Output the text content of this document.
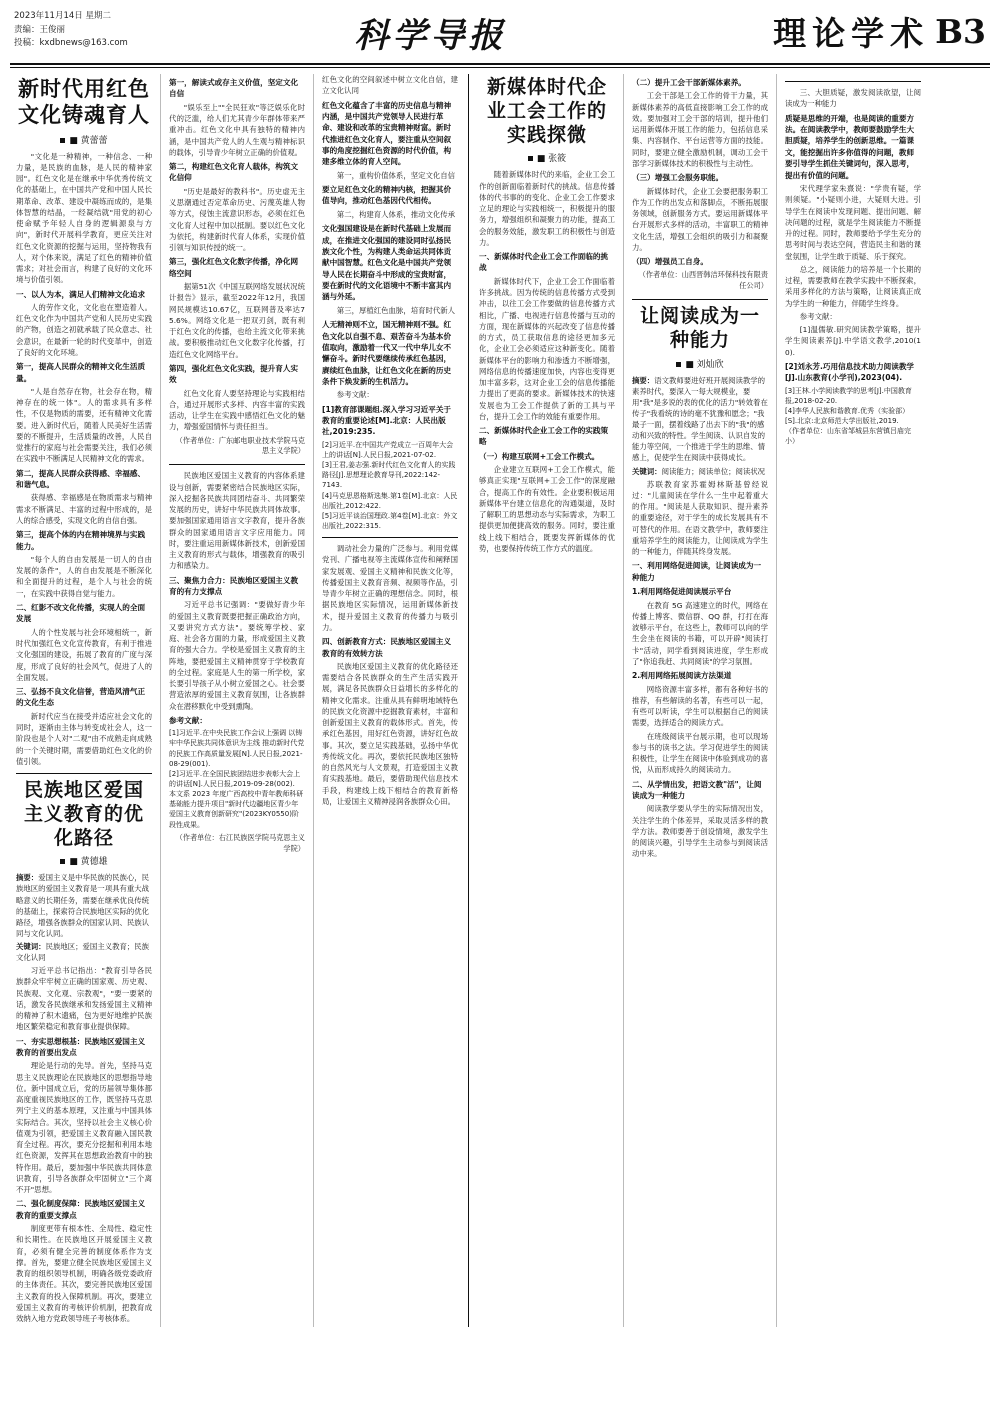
2023年11月14日 星期二
责编：王俊丽
投稿：kxdbnews@163.com	科学导报	理论学术 B3
新时代用红色文化铸魂育人
■ 黄蕾蕾

"文化是一种精神，一种信念、一种力量，是民族的血脉，是人民的精神家园"。红色文化是在继承中华优秀传统文化的基础上，在中国共产党和中国人民长期革命、改革、建设中凝练而成的，是集体智慧的结晶，一经凝结就"用党的初心使命赋予年轻人自身的逻辑源泉与方向"，新时代开展科学教育，更应关注对红色文化资源的挖掘与运用，坚持物我有人，对个体来说，满足了红色的精神价值需求；对社会而言，构建了良好的文化环境与价值引领。

一、以人为本，满足人们精神文化追求

人的劳作文化，文化也在塑造着人。红色文化作为中国共产党和人民历史实践的产物，创造之初就承载了民众意志、社会意识，在最新一轮的时代变革中，创造了良好的文化环境。

第一，提高人民群众的精神文化生活质量。

"人是自然存在物，社会存在物，精神存在的统一体"。人的需求具有多样性，不仅是物质的需要，还有精神文化需要。进入新时代后，随着人民美好生活需要的不断提升，生活质量的改善，人民自觉推行的家庭与社会需要关注，我们必须在实践中不断满足人民精神文化的需求。

第二，提高人民群众获得感、幸福感、和谐气息。

获得感、幸福感是在物质需求与精神需求不断满足、丰富的过程中形成的，是人的综合感受，实现文化的自信自强。

第三，提高个体的内在精神境界与实践能力。

"每个人的自由发展是一切人的自由发展的条件"，人的自由发展是不断深化和全面提升的过程，是个人与社会的统一，在实践中获得自觉与能力。

二、红影不改文化传播，实现人的全面发展

人的个性发展与社会环境相统一，新时代加强红色文化宣传教育，有利于推进文化强国的建设，拓展了教育的广度与深度，形成了良好的社会风气，促进了人的全面发展。

三、弘扬不良文化信誉，营造风清气正的文化生态

新时代应当在接受并适应社会文化的同时，逐渐由主体与转变成社会人，这一阶段也是个人对"二观"由不成熟走向成熟的一个关键时期，需要借助红色文化的价值引领。

民族地区爱国主义教育的优化路径
■ 黄德雄

摘要：爱国主义是中华民族的民族心，民族地区的爱国主义教育是一项具有重大战略意义的长期任务，需要在继承优良传统的基础上，探索符合民族地区实际的优化路径，增强各族群众的国家认同、民族认同与文化认同。

关键词：民族地区；爱国主义教育；民族文化认同

习近平总书记指出："教育引导各民族群众牢牢树立正确的国家观、历史观、民族观、文化观、宗教观"，"要一要紧的话，激发各民族继承和发扬爱国主义精神的精神了积木遗痛，包为更好地维护民族地区繁荣稳定和教育事业提供保障。

一、夯实思想根基：民族地区爱国主义教育的首要出发点

理论是行动的先导。首先，坚持马克思主义民族理论在民族地区的思想指导地位。新中国成立后，党的历届领导集体都高度重视民族地区的工作，既坚持马克思列宁主义的基本原理，又注重与中国具体实际结合。其次，坚持以社会主义核心价值观为引领，把爱国主义教育融入国民教育全过程。再次，要充分挖掘和利用本地红色资源，发挥其在思想政治教育中的独特作用。最后，要加强中华民族共同体意识教育，引导各族群众牢固树立"三个离不开"思想。

二、强化制度保障：民族地区爱国主义教育的重要支撑点

制度更带有根本性、全局性、稳定性和长期性。在民族地区开展爱国主义教育，必须有健全完善的制度体系作为支撑。首先，要建立健全民族地区爱国主义教育的组织领导机制，明确各级党委政府的主体责任。其次，要完善民族地区爱国主义教育的投入保障机制。再次，要建立爱国主义教育的考核评价机制，把教育成效纳入地方党政领导班子考核体系。

第一，解读式或存主义价值，坚定文化自信

"娱乐至上""全民狂欢"等泛娱乐化时代的泛滥，给人们尤其青少年群体带来严重冲击。红色文化中具有独特的精神内涵，是中国共产党人的人生观与精神标识的载体，引导青少年树立正确的价值观。

第二，构建红色文化育人载体，构筑文化信仰

"历史是最好的教科书"。历史虚无主义思潮通过否定革命历史、污蔑英雄人物等方式，侵蚀主流意识形态，必须在红色文化育人过程中加以抵制。要以红色文化为依托，构建新时代育人体系，实现价值引领与知识传授的统一。

第三，强化红色文化数字传播，净化网络空间

据第51次《中国互联网络发展状况统计报告》显示，截至2022年12月，我国网民规模达10.67亿，互联网普及率达75.6%。网络文化是一把双刃剑，既有利于红色文化的传播，也给主流文化带来挑战。要积极推动红色文化数字化传播，打造红色文化网络平台。

第四，强化红色文化实践，提升育人实效

红色文化育人要坚持理论与实践相结合，通过开展形式多样、内容丰富的实践活动，让学生在实践中感悟红色文化的魅力，增强爱国情怀与责任担当。

（作者单位：广东邮电职业技术学院马克思主义学院）

民族地区爱国主义教育的内容体系建设与创新，需要紧密结合民族地区实际，深入挖掘各民族共同团结奋斗、共同繁荣发展的历史，讲好中华民族共同体故事。要加强国家通用语言文字教育，提升各族群众的国家通用语言文字应用能力。同时，要注重运用新媒体新技术，创新爱国主义教育的形式与载体，增强教育的吸引力和感染力。

三、聚焦力合力：民族地区爱国主义教育的有力支撑点

习近平总书记强调："要做好青少年的爱国主义教育既要把握正确政治方向，又要讲究方式方法"。要统筹学校、家庭、社会各方面的力量，形成爱国主义教育的强大合力。学校是爱国主义教育的主阵地，要把爱国主义精神贯穿于学校教育的全过程。家庭是人生的第一所学校，家长要引导孩子从小树立爱国之心。社会要营造浓厚的爱国主义教育氛围，让各族群众在潜移默化中受到熏陶。

参考文献：

[1]习近平.在中央民族工作会议上强调 以铸牢中华民族共同体意识为主线 推动新时代党的民族工作高质量发展[N].人民日报,2021-08-29(001).

[2]习近平.在全国民族团结进步表彰大会上的讲话[N].人民日报,2019-09-28(002).

本文系 2023 年度广西高校中青年教师科研基础能力提升项目"新时代边疆地区青少年爱国主义教育创新研究"(2023KY0550)阶段性成果。

（作者单位：右江民族医学院马克思主义学院）

红色文化的空间叙述中树立文化自信，建立文化认同

红色文化蕴含了丰富的历史信息与精神内涵，是中国共产党领导人民进行革命、建设和改革的宝贵精神财富。新时代推进红色文化育人，要注重从空间叙事的角度挖掘红色资源的时代价值，构建多维立体的育人空间。

第一，重构价值体系，坚定文化自信

要立足红色文化的精神内核，把握其价值导向，推动红色基因代代相传。

第二，构建育人体系，推动文化传承

文化强国建设是在新时代基础上发展而成，在推进文化强国的建设同时弘扬民族文化个性，为构建人类命运共同体贡献中国智慧。红色文化是中国共产党领导人民在长期奋斗中形成的宝贵财富，要在新时代的文化语境中不断丰富其内涵与外延。

第三，厚植红色血脉，培育时代新人

人无精神则不立，国无精神则不强。红色文化以自强不息、艰苦奋斗为基本价值取向，激励着一代又一代中华儿女不懈奋斗。新时代要继续传承红色基因，赓续红色血脉，让红色文化在新的历史条件下焕发新的生机活力。

参考文献：

[1]教育部课题组.深入学习习近平关于教育的重要论述[M].北京：人民出版社,2019:235.

[2]习近平.在中国共产党成立一百周年大会上的讲话[N].人民日报,2021-07-02.

[3]王君,姜志强.新时代红色文化育人的实践路径[J].思想理论教育导刊,2022:142-7143.

[4]马克思恩格斯选集.第1卷[M].北京：人民出版社,2012:422.

[5]习近平谈治国理政.第4卷[M].北京：外文出版社,2022:315.

调动社会力量的广泛参与。利用党媒党刊、广播电视等主流媒体宣传和阐释国家发展观、爱国主义精神和民族文化等，传播爱国主义教育音频、视频等作品，引导青少年树立正确的理想信念。同时，根据民族地区实际情况，运用新媒体新技术，提升爱国主义教育的传播力与吸引力。

四、创新教育方式：民族地区爱国主义教育的有效转方法

民族地区爱国主义教育的优化路径还需要结合各民族群众的生产生活实践开展，满足各民族群众日益增长的多样化的精神文化需求。注重从具有鲜明地域特色的民族文化资源中挖掘教育素材，丰富和创新爱国主义教育的载体形式。首先，传承红色基因，用好红色资源，讲好红色故事。其次，要立足实践基础，弘扬中华优秀传统文化。再次，要依托民族地区独特的自然风光与人文景观，打造爱国主义教育实践基地。最后，要借助现代信息技术手段，构建线上线下相结合的教育新格局，让爱国主义精神浸润各族群众心田。

新媒体时代企业工会工作的实践探微
■ 张筱

随着新媒体时代的来临，企业工会工作的创新面临着新时代的挑战。信息传播体的代书事的的变化、企业工会工作要求立足的理论与实践相统一，积极提升的服务力，增强组织和凝聚力的功能，提高工会的服务效能，激发职工的积极性与创造力。

一、新媒体时代企业工会工作面临的挑战

新媒体时代下，企业工会工作面临着许多挑战。因为传统的信息传播方式受到冲击，以往工会工作要做的信息传播方式相比，广播、电视进行信息传播与互动的方面，现在新媒体的兴起改变了信息传播的方式，员工获取信息的途径更加多元化，企业工会必须适应这种新变化。随着新媒体平台的影响力和渗透力不断增强，网络信息的传播速度加快，内容也变得更加丰富多彩，这对企业工会的信息传播能力提出了更高的要求。新媒体技术的快速发展也为工会工作提供了新的工具与平台，提升工会工作的效能有重要作用。

二、新媒体时代企业工会工作的实践策略

（一）构建互联网+工会工作模式。

企业建立互联网+工会工作模式，能够真正实现"互联网+工会工作"的深度融合，提高工作的有效性。企业要积极运用新媒体平台建立信息化的沟通渠道，及时了解职工的思想动态与实际需求，为职工提供更加便捷高效的服务。同时，要注重线上线下相结合，既要发挥新媒体的优势，也要保持传统工作方式的温度。

（二）提升工会干部新媒体素养。

工会干部是工会工作的骨干力量，其新媒体素养的高低直接影响工会工作的成效。要加强对工会干部的培训，提升他们运用新媒体开展工作的能力，包括信息采集、内容制作、平台运营等方面的技能。同时，要建立健全激励机制，调动工会干部学习新媒体技术的积极性与主动性。

（三）增强工会服务职能。

新媒体时代，企业工会要把服务职工作为工作的出发点和落脚点，不断拓展服务领域，创新服务方式。要运用新媒体平台开展形式多样的活动，丰富职工的精神文化生活，增强工会组织的吸引力和凝聚力。

（四）增强员工自身。

（作者单位：山西晋韩洁环保科技有限责任公司）

让阅读成为一种能力
■ 刘灿欣

摘要：语文教师要进好班开展阅读教学的素养时代，要深入一每大规模业，要用"我"是多说的表的优化的活力"转效着在传子"我看统的诗的毫不犹豫和愿念；"我最子一面，摆着线路了出去下的"我"的感动和兴致的特性。学生阅读、认识自发的能力等空间，一个推进于学生的思维、情感上，促使学生在阅读中获得成长。

关键词：阅读能力；阅读单位；阅读状况

苏联教育家苏霍姆林斯基曾经说过："儿童阅读在学什么一生中起着重大的作用。"阅读是人获取知识、提升素养的重要途径，对于学生的成长发展具有不可替代的作用。在语文教学中，教师要注重培养学生的阅读能力，让阅读成为学生的一种能力，伴随其终身发展。

一、利用网络促进阅读，让阅读成为一种能力

1.利用网络促进阅读展示平台

在教育 5G 高速建立的时代，网络在传播上博客、微信群、QQ 群，打打在海波够示平台，在这些上，教师可以向的学生会坐在阅读的书籍，可以开辟"阅读打卡"活动，同学看到阅读进度，学生形成了"你追我赶、共同阅读"的学习氛围。

2.利用网络拓展阅读方法渠道

网络资源丰富多样，都有各种好书的推荐，有些解读的名著，有些可以一起，有些可以听读，学生可以根据自己的阅读需要，选择适合的阅读方式。

在班级阅读平台展示期，也可以现场参与书的读书之法。学习促进学生的阅读积极性，让学生在阅读中体验到成功的喜悦，从而形成持久的阅读动力。

二、从学情出发，把语文教"活"，让阅读成为一种能力

阅读教学要从学生的实际情况出发，关注学生的个体差异，采取灵活多样的教学方法。教师要善于创设情境，激发学生的阅读兴趣，引导学生主动参与到阅读活动中来。

三、大胆质疑，激发阅读欲望，让阅读成为一种能力

质疑是思维的开端，也是阅读的重要方法。在阅读教学中，教师要鼓励学生大胆质疑，培养学生的创新思维。一篇课文，能挖掘出许多你值得的问题，教师要引导学生抓住关键词句，深入思考，提出有价值的问题。

宋代理学家朱熹说："学贵有疑，学则须疑。"小疑则小进，大疑则大进。引导学生在阅读中发现问题、提出问题、解决问题的过程，就是学生阅读能力不断提升的过程。同时，教师要给予学生充分的思考时间与表达空间，营造民主和谐的课堂氛围，让学生敢于质疑、乐于探究。

总之，阅读能力的培养是一个长期的过程，需要教师在教学实践中不断探索，采用多样化的方法与策略，让阅读真正成为学生的一种能力，伴随学生终身。

参考文献：

[1]温儒敏.研究阅读教学策略，提升学生阅读素养[J].中学语文教学,2010(10).

[2]刘永芳.巧用信息技术助力阅读教学[J].山东教育(小学刊),2023(04).

[3]王林.小学阅读教学的思考[J].中国教育报,2018-02-20.

[4]李华人民族和谐教育.优秀（实验部）[S].北京:北京师范大学出版社,2019.

（作者单位：山东省邹城县东营镇吕庙完小）
